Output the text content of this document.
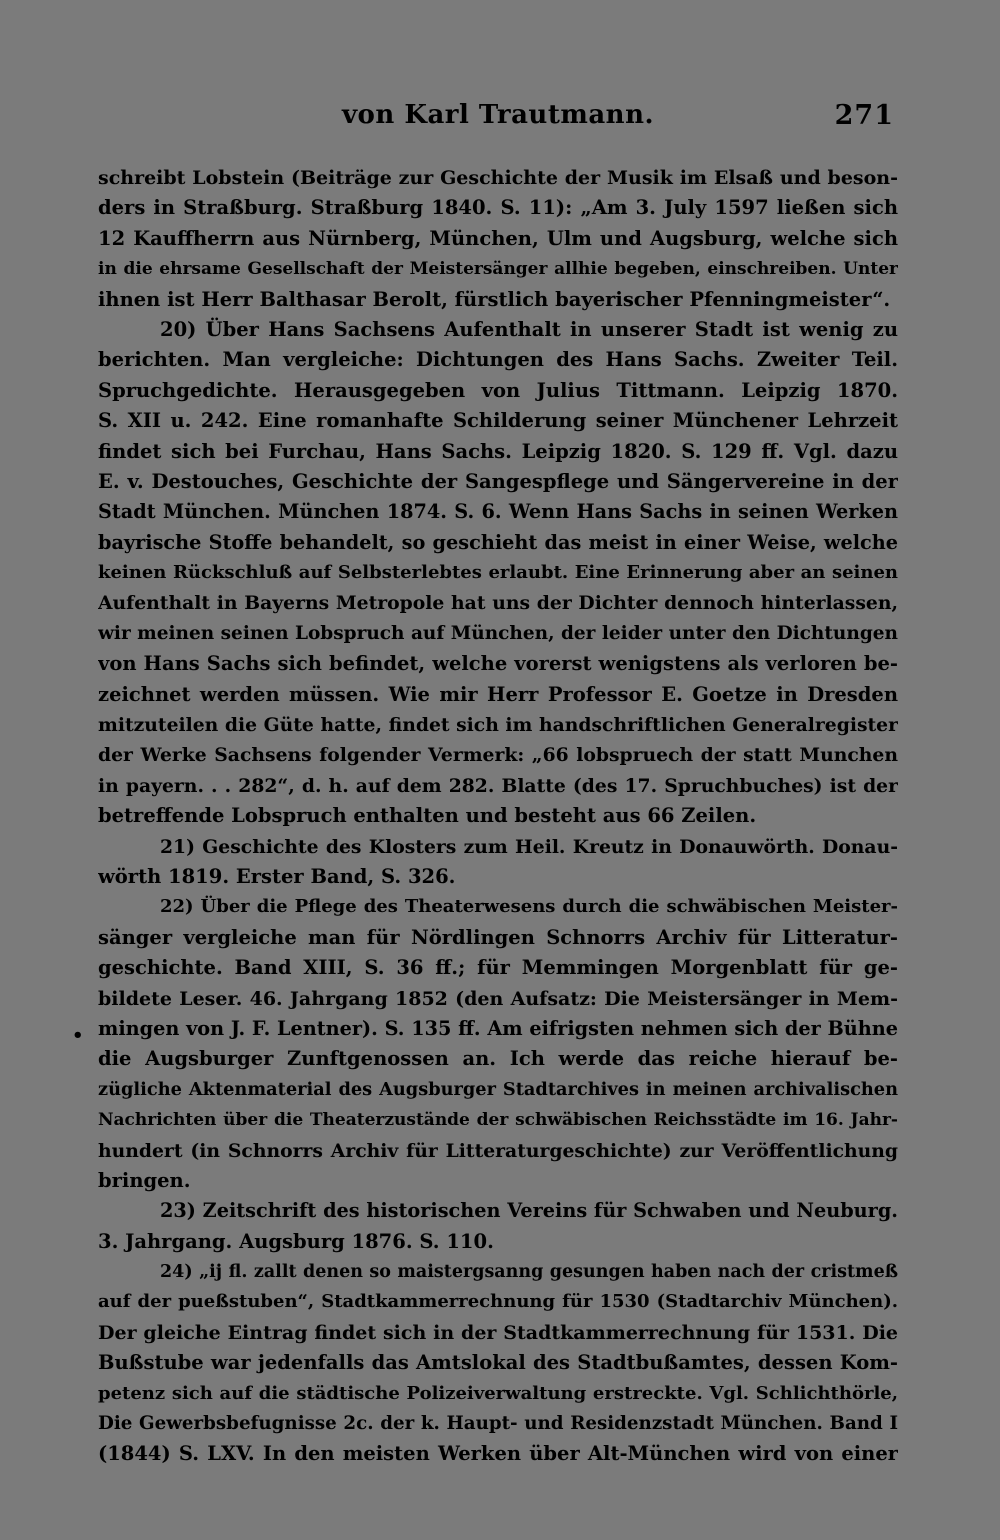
von Karl Trautmann.	271
•
schreibt Lobstein (Beiträge zur Geschichte der Musik im Elsaß und beson-
ders in Straßburg. Straßburg 1840. S. 11): „Am 3. July 1597 ließen sich
12 Kauffherrn aus Nürnberg, München, Ulm und Augsburg, welche sich
in die ehrsame Gesellschaft der Meistersänger allhie begeben, einschreiben. Unter
ihnen ist Herr Balthasar Berolt, fürstlich bayerischer Pfenningmeister“.
20) Über Hans Sachsens Aufenthalt in unserer Stadt ist wenig zu
berichten. Man vergleiche: Dichtungen des Hans Sachs. Zweiter Teil.
Spruchgedichte. Herausgegeben von Julius Tittmann. Leipzig 1870.
S. XII u. 242. Eine romanhafte Schilderung seiner Münchener Lehrzeit
findet sich bei Furchau, Hans Sachs. Leipzig 1820. S. 129 ff. Vgl. dazu
E. v. Destouches, Geschichte der Sangespflege und Sängervereine in der
Stadt München. München 1874. S. 6. Wenn Hans Sachs in seinen Werken
bayrische Stoffe behandelt, so geschieht das meist in einer Weise, welche
keinen Rückschluß auf Selbsterlebtes erlaubt. Eine Erinnerung aber an seinen
Aufenthalt in Bayerns Metropole hat uns der Dichter dennoch hinterlassen,
wir meinen seinen Lobspruch auf München, der leider unter den Dichtungen
von Hans Sachs sich befindet, welche vorerst wenigstens als verloren be-
zeichnet werden müssen. Wie mir Herr Professor E. Goetze in Dresden
mitzuteilen die Güte hatte, findet sich im handschriftlichen Generalregister
der Werke Sachsens folgender Vermerk: „66 lobspruech der statt Munchen
in payern. . . 282“, d. h. auf dem 282. Blatte (des 17. Spruchbuches) ist der
betreffende Lobspruch enthalten und besteht aus 66 Zeilen.
21) Geschichte des Klosters zum Heil. Kreutz in Donauwörth. Donau-
wörth 1819. Erster Band, S. 326.
22) Über die Pflege des Theaterwesens durch die schwäbischen Meister-
sänger vergleiche man für Nördlingen Schnorrs Archiv für Litteratur-
geschichte. Band XIII, S. 36 ff.; für Memmingen Morgenblatt für ge-
bildete Leser. 46. Jahrgang 1852 (den Aufsatz: Die Meistersänger in Mem-
mingen von J. F. Lentner). S. 135 ff. Am eifrigsten nehmen sich der Bühne
die Augsburger Zunftgenossen an. Ich werde das reiche hierauf be-
zügliche Aktenmaterial des Augsburger Stadtarchives in meinen archivalischen
Nachrichten über die Theaterzustände der schwäbischen Reichsstädte im 16. Jahr-
hundert (in Schnorrs Archiv für Litteraturgeschichte) zur Veröffentlichung
bringen.
23) Zeitschrift des historischen Vereins für Schwaben und Neuburg.
3. Jahrgang. Augsburg 1876. S. 110.
24) „ij fl. zallt denen so maistergsanng gesungen haben nach der cristmeß
auf der pueßstuben“, Stadtkammerrechnung für 1530 (Stadtarchiv München).
Der gleiche Eintrag findet sich in der Stadtkammerrechnung für 1531. Die
Bußstube war jedenfalls das Amtslokal des Stadtbußamtes, dessen Kom-
petenz sich auf die städtische Polizeiverwaltung erstreckte. Vgl. Schlichthörle,
Die Gewerbsbefugnisse 2c. der k. Haupt- und Residenzstadt München. Band I
(1844) S. LXV. In den meisten Werken über Alt-München wird von einer
